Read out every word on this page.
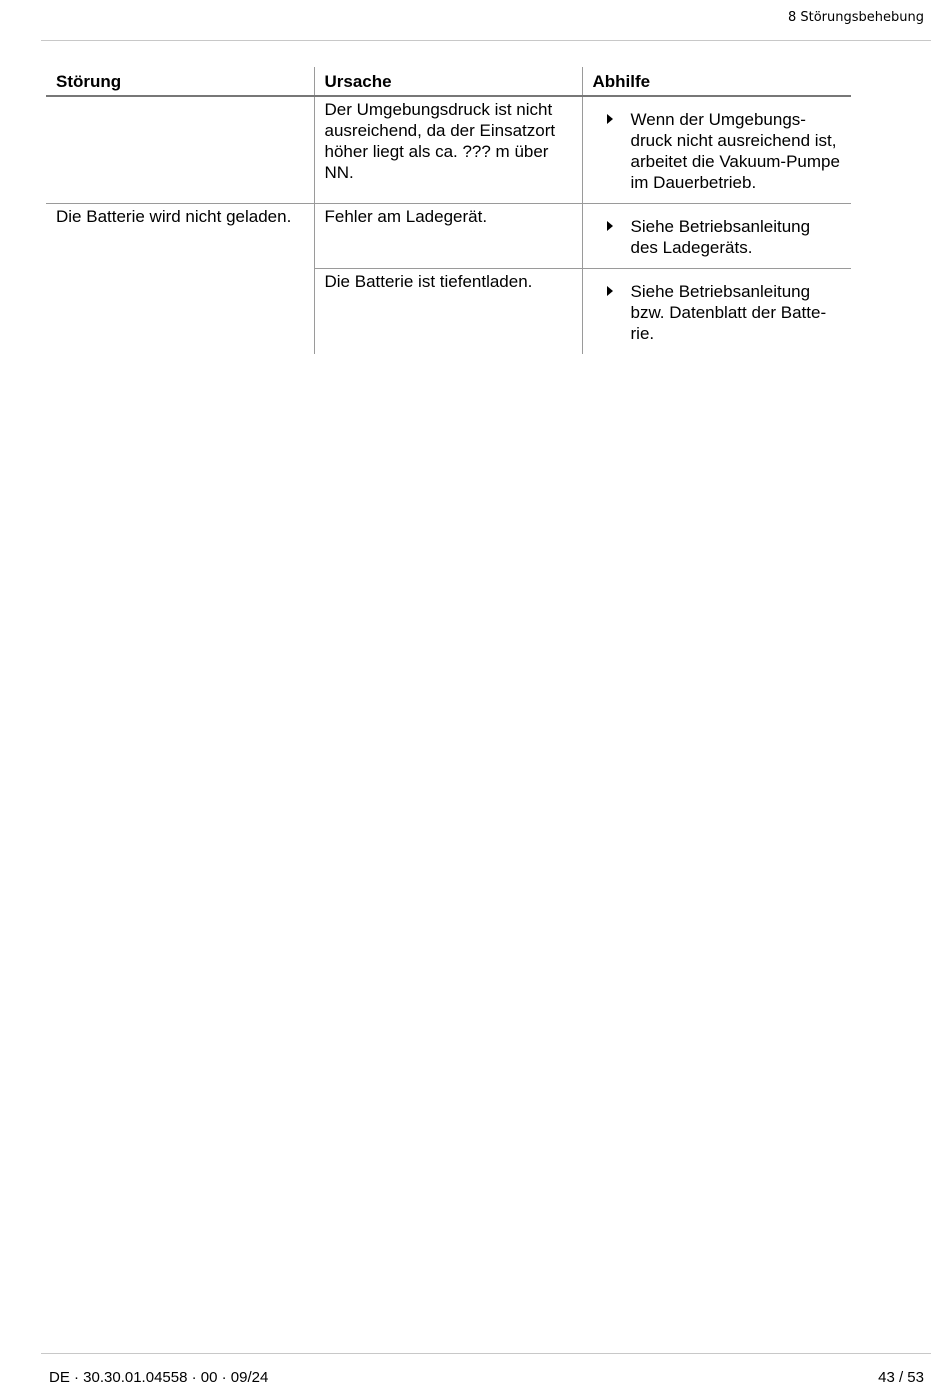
8 Störungsbehebung
Störung	Ursache	Abhilfe
	Der Umgebungsdruck ist nicht ausreichend, da der Einsatzort höher liegt als ca. ??? m über NN.	Wenn der Umgebungs-druck nicht ausreichend ist, arbeitet die Vakuum-Pumpe im Dauerbetrieb.

Die Batterie wird nicht geladen.	Fehler am Ladegerät.	Siehe Betriebsanleitung des Ladegeräts.

	Die Batterie ist tiefentladen.	Siehe Betriebsanleitung bzw. Datenblatt der Batte-rie.
DE · 30.30.01.04558 · 00 · 09/24	43 / 53
